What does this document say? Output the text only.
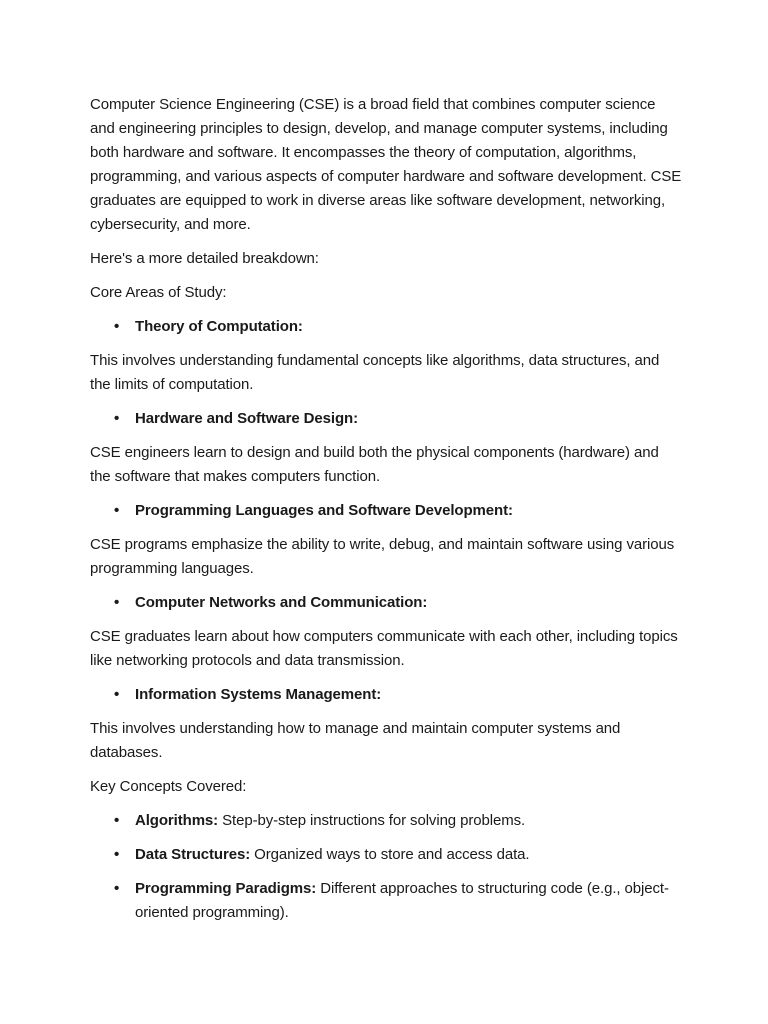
Computer Science Engineering (CSE) is a broad field that combines computer science and engineering principles to design, develop, and manage computer systems, including both hardware and software. It encompasses the theory of computation, algorithms, programming, and various aspects of computer hardware and software development. CSE graduates are equipped to work in diverse areas like software development, networking, cybersecurity, and more.

Here's a more detailed breakdown:

Core Areas of Study:

• Theory of Computation:

This involves understanding fundamental concepts like algorithms, data structures, and the limits of computation.

• Hardware and Software Design:

CSE engineers learn to design and build both the physical components (hardware) and the software that makes computers function.

• Programming Languages and Software Development:

CSE programs emphasize the ability to write, debug, and maintain software using various programming languages.

• Computer Networks and Communication:

CSE graduates learn about how computers communicate with each other, including topics like networking protocols and data transmission.

• Information Systems Management:

This involves understanding how to manage and maintain computer systems and databases.

Key Concepts Covered:

• Algorithms: Step-by-step instructions for solving problems.
• Data Structures: Organized ways to store and access data.
• Programming Paradigms: Different approaches to structuring code (e.g., object-oriented programming).
